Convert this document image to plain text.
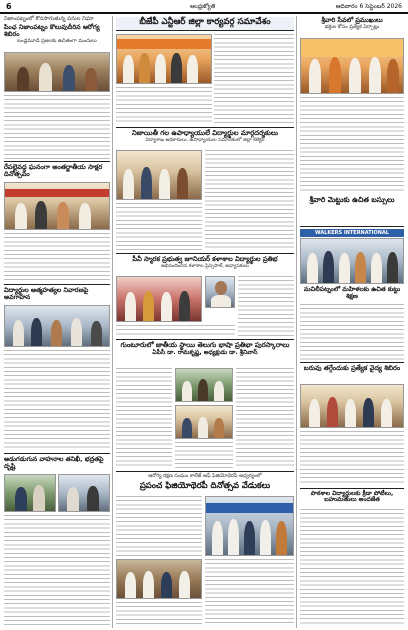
6	ఆంధ్రజ్యోతి	ఆదివారం 6 సెప్టెంబర్ 2026
నిజాంపట్నంలో కొనసాగుతున్న పనుల నిఘా
పింఛ నిజాంపట్నం కొలువుదీరిన ఆరోగ్య శిబిరం
బండ్లమూడి ప్రజలకు ఉచితంగా మందులు
రేపల్లెవద్ద ఘనంగా అంతర్జాతీయ సాక్షర దినోత్సవం
విద్యార్థుల ఆత్మహత్యల నివారణపై అవగాహన
అడుగడుగున వాహనాల తనిఖీ, భద్రతపై దృష్టి
బీజేపీ ఎన్టీఆర్ జిల్లా కార్యవర్గ సమావేశం
నిజాయితీ గల ఉపాధ్యాయులే విద్యార్థుల మార్గదర్శకులు
విద్యాశాఖ అధికారులు, ఉపాధ్యాయుల సమావేశంలో జిల్లా కలెక్టర్
పీవీ స్మారక ప్రభుత్వ జూనియర్ కళాశాల విద్యార్థుల ప్రతిభ
అభినందించిన కళాశాల ప్రిన్సిపాల్, అధ్యాపకులు
గుంటూరులో జాతీయ స్థాయి తెలుగు భాషా ప్రతిభా పురస్కారాలు
ఏపీసీ డా. రామకృష్ణ, అధ్యక్షుడు డా. శ్రీనివాస్
ఆరోగ్య రక్షణ సంఘం కాలేజ్ ఆఫ్ ఫిజియోథెరపీ ఆధ్వర్యంలో
ప్రపంచ ఫిజియోథెరపీ దినోత్సవ వేడుకలు
శ్రీవారి సేవలో ప్రముఖులు
భక్తుల కోసం ప్రత్యేక ఏర్పాట్లు
శ్రీవారి మెట్టుకు ఉచిత బస్సులు
WALKERS INTERNATIONAL
మచిలీపట్నంలో మహిళలకు ఉచిత కుట్టు శిక్షణ
బరువు తగ్గేందుకు ప్రత్యేక వైద్య శిబిరం
పాఠశాల విద్యార్థులకు క్రీడా పోటీలు, బహుమతులు అందజేత
